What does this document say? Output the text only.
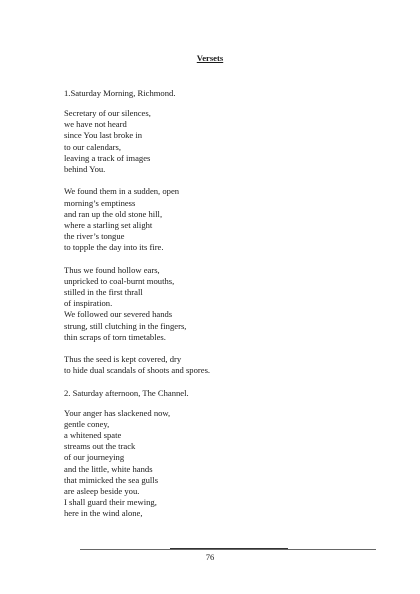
Versets

1.Saturday Morning, Richmond.

Secretary of our silences,
we have not heard
since You last broke in
to our calendars,
leaving a track of images
behind You.
We found them in a sudden, open
morning’s emptiness
and ran up the old stone hill,
where a starling set alight
the river’s tongue
to topple the day into its fire.
Thus we found hollow ears,
unpricked to coal-burnt mouths,
stilled in the first thrall
of inspiration.
We followed our severed hands
strung, still clutching in the fingers,
thin scraps of torn timetables.
Thus the seed is kept covered, dry
to hide dual scandals of shoots and spores.

2. Saturday afternoon, The Channel.

Your anger has slackened now,
gentle coney,
a whitened spate
streams out the track
of our journeying
and the little, white hands
that mimicked the sea gulls
are asleep beside you.
I shall guard their mewing,
here in the wind alone,
76
